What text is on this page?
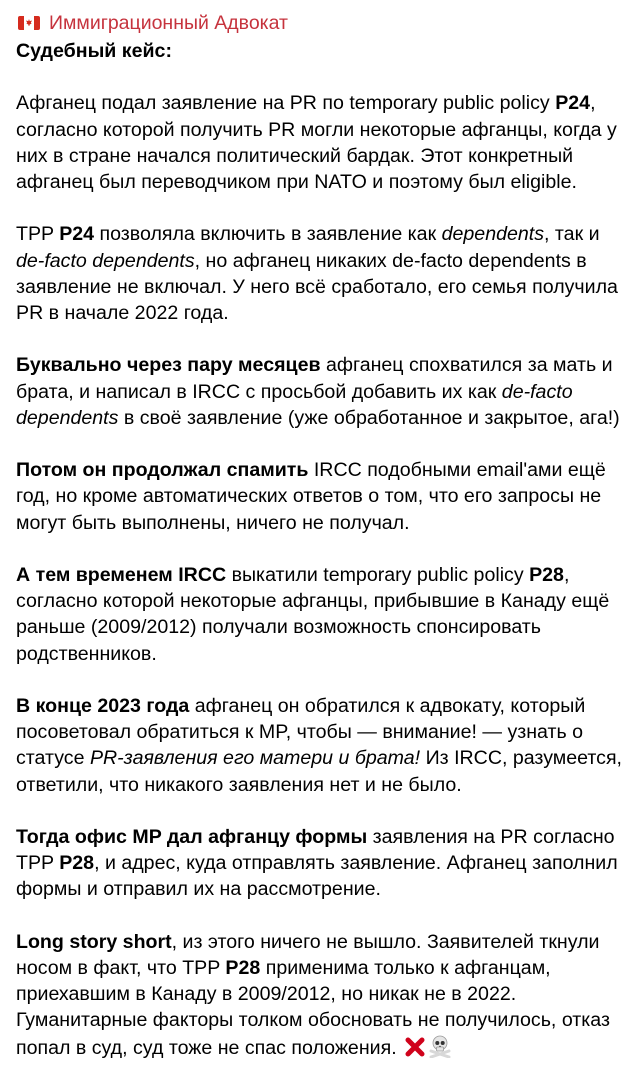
Иммиграционный Адвокат
Судебный кейс:

Афганец подал заявление на PR по temporary public policy P24, согласно которой получить PR могли некоторые афганцы, когда у них в стране начался политический бардак. Этот конкретный афганец был переводчиком при NATO и поэтому был eligible.

TPP P24 позволяла включить в заявление как dependents, так и de-facto dependents, но афганец никаких de-facto dependents в заявление не включал. У него всё сработало, его семья получила PR в начале 2022 года.

Буквально через пару месяцев афганец спохватился за мать и брата, и написал в IRCC с просьбой добавить их как de-facto dependents в своё заявление (уже обработанное и закрытое, ага!)

Потом он продолжал спамить IRCC подобными email'ами ещё год, но кроме автоматических ответов о том, что его запросы не могут быть выполнены, ничего не получал.

А тем временем IRCC выкатили temporary public policy P28, согласно которой некоторые афганцы, прибывшие в Канаду ещё раньше (2009/2012) получали возможность спонсировать родственников.

В конце 2023 года афганец он обратился к адвокату, который посоветовал обратиться к MP, чтобы — внимание! — узнать о статусе PR-заявления его матери и брата! Из IRCC, разумеется, ответили, что никакого заявления нет и не было.

Тогда офис MP дал афганцу формы заявления на PR согласно TPP P28, и адрес, куда отправлять заявление. Афганец заполнил формы и отправил их на рассмотрение.

Long story short, из этого ничего не вышло. Заявителей ткнули носом в факт, что TPP P28 применима только к афганцам, приехавшим в Канаду в 2009/2012, но никак не в 2022. Гуманитарные факторы толком обосновать не получилось, отказ попал в суд, суд тоже не спас положения.
